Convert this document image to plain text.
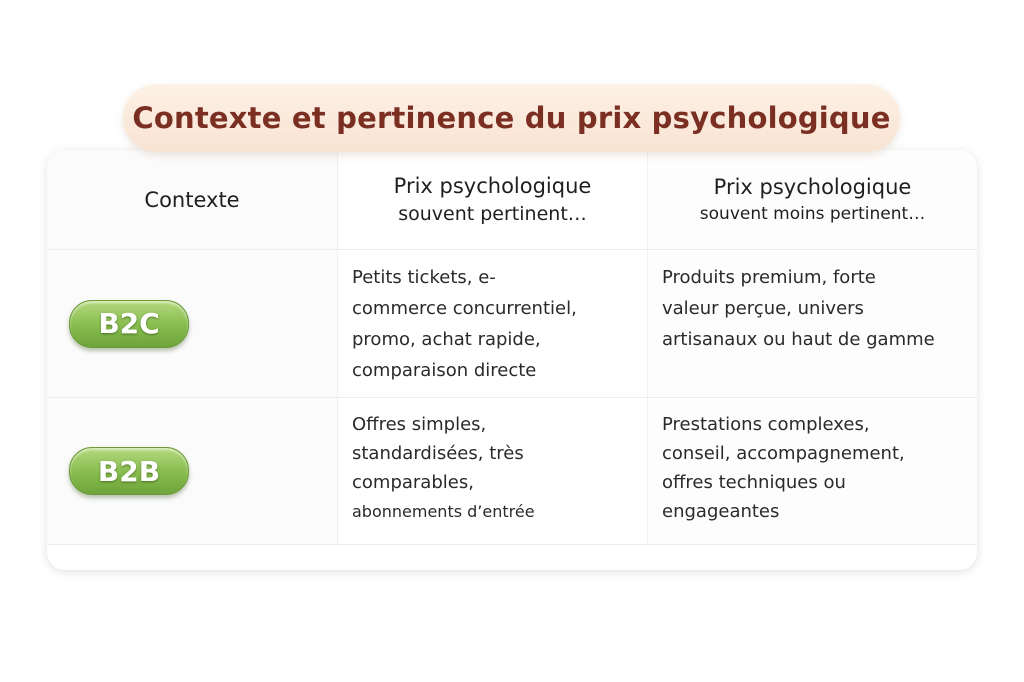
Contexte et pertinence du prix psychologique
Contexte
Prix psychologique
souvent pertinent…
Prix psychologique
souvent moins pertinent…
B2C
Petits tickets, e-
commerce concurrentiel,
promo, achat rapide,
comparaison directe
Produits premium, forte
valeur perçue, univers
artisanaux ou haut de gamme
B2B
Offres simples,
standardisées, très
comparables,
abonnements d’entrée
Prestations complexes,
conseil, accompagnement,
offres techniques ou
engageantes
